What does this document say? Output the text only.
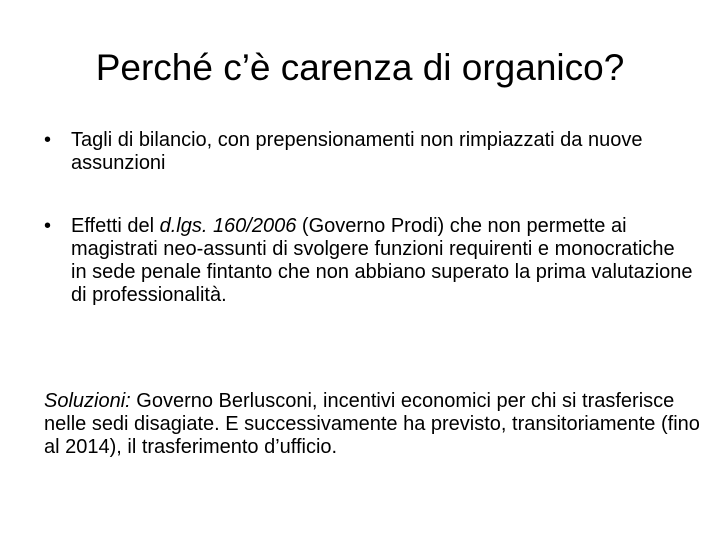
Perché c’è carenza di organico?
• Tagli di bilancio, con prepensionamenti non rimpiazzati da nuove assunzioni
• Effetti del d.lgs. 160/2006 (Governo Prodi) che non permette ai magistrati neo-assunti di svolgere funzioni requirenti e monocratiche in sede penale fintanto che non abbiano superato la prima valutazione di professionalità.

Soluzioni: Governo Berlusconi, incentivi economici per chi si trasferisce nelle sedi disagiate. E successivamente ha previsto, transitoriamente (fino al 2014), il trasferimento d’ufficio.
